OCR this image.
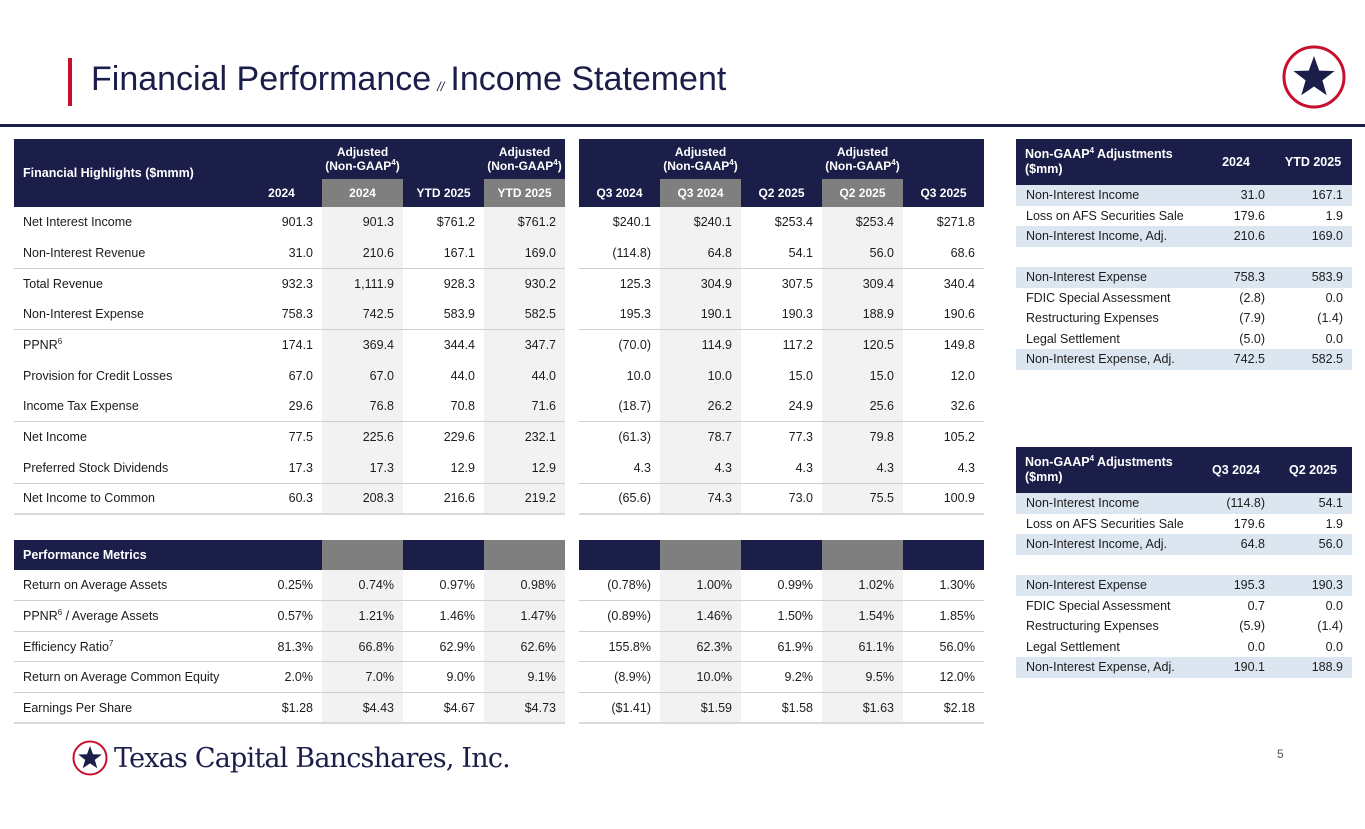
Financial Performance // Income Statement
Financial Highlights ($mmm)		Adjusted
(Non-GAAP$^4$)		Adjusted
(Non-GAAP$^4$)			Adjusted
(Non-GAAP$^4$)		Adjusted
(Non-GAAP$^4$)	
	2024	2024	YTD 2025	YTD 2025		Q3 2024	Q3 2024	Q2 2025	Q2 2025	Q3 2025
Net Interest Income	901.3	901.3	$761.2	$761.2		$240.1	$240.1	$253.4	$253.4	$271.8
Non-Interest Revenue	31.0	210.6	167.1	169.0		(114.8)	64.8	54.1	56.0	68.6
Total Revenue	932.3	1,111.9	928.3	930.2		125.3	304.9	307.5	309.4	340.4
Non-Interest Expense	758.3	742.5	583.9	582.5		195.3	190.1	190.3	188.9	190.6
PPNR$^6$	174.1	369.4	344.4	347.7		(70.0)	114.9	117.2	120.5	149.8
Provision for Credit Losses	67.0	67.0	44.0	44.0		10.0	10.0	15.0	15.0	12.0
Income Tax Expense	29.6	76.8	70.8	71.6		(18.7)	26.2	24.9	25.6	32.6
Net Income	77.5	225.6	229.6	232.1		(61.3)	78.7	77.3	79.8	105.2
Preferred Stock Dividends	17.3	17.3	12.9	12.9		4.3	4.3	4.3	4.3	4.3
Net Income to Common	60.3	208.3	216.6	219.2		(65.6)	74.3	73.0	75.5	100.9

Performance Metrics										
Return on Average Assets	0.25%	0.74%	0.97%	0.98%		(0.78%)	1.00%	0.99%	1.02%	1.30%
PPNR$^6$ / Average Assets	0.57%	1.21%	1.46%	1.47%		(0.89%)	1.46%	1.50%	1.54%	1.85%
Efficiency Ratio$^7$	81.3%	66.8%	62.9%	62.6%		155.8%	62.3%	61.9%	61.1%	56.0%
Return on Average Common Equity	2.0%	7.0%	9.0%	9.1%		(8.9%)	10.0%	9.2%	9.5%	12.0%
Earnings Per Share	$1.28	$4.43	$4.67	$4.73		($1.41)	$1.59	$1.58	$1.63	$2.18
Non-GAAP$^4$ Adjustments ($mm)	2024	YTD 2025
Non-Interest Income	31.0	167.1
Loss on AFS Securities Sale	179.6	1.9
Non-Interest Income, Adj.	210.6	169.0

Non-Interest Expense	758.3	583.9
FDIC Special Assessment	(2.8)	0.0
Restructuring Expenses	(7.9)	(1.4)
Legal Settlement	(5.0)	0.0
Non-Interest Expense, Adj.	742.5	582.5
Non-GAAP$^4$ Adjustments ($mm)	Q3 2024	Q2 2025
Non-Interest Income	(114.8)	54.1
Loss on AFS Securities Sale	179.6	1.9
Non-Interest Income, Adj.	64.8	56.0

Non-Interest Expense	195.3	190.3
FDIC Special Assessment	0.7	0.0
Restructuring Expenses	(5.9)	(1.4)
Legal Settlement	0.0	0.0
Non-Interest Expense, Adj.	190.1	188.9
Texas Capital Bancshares, Inc.	5
